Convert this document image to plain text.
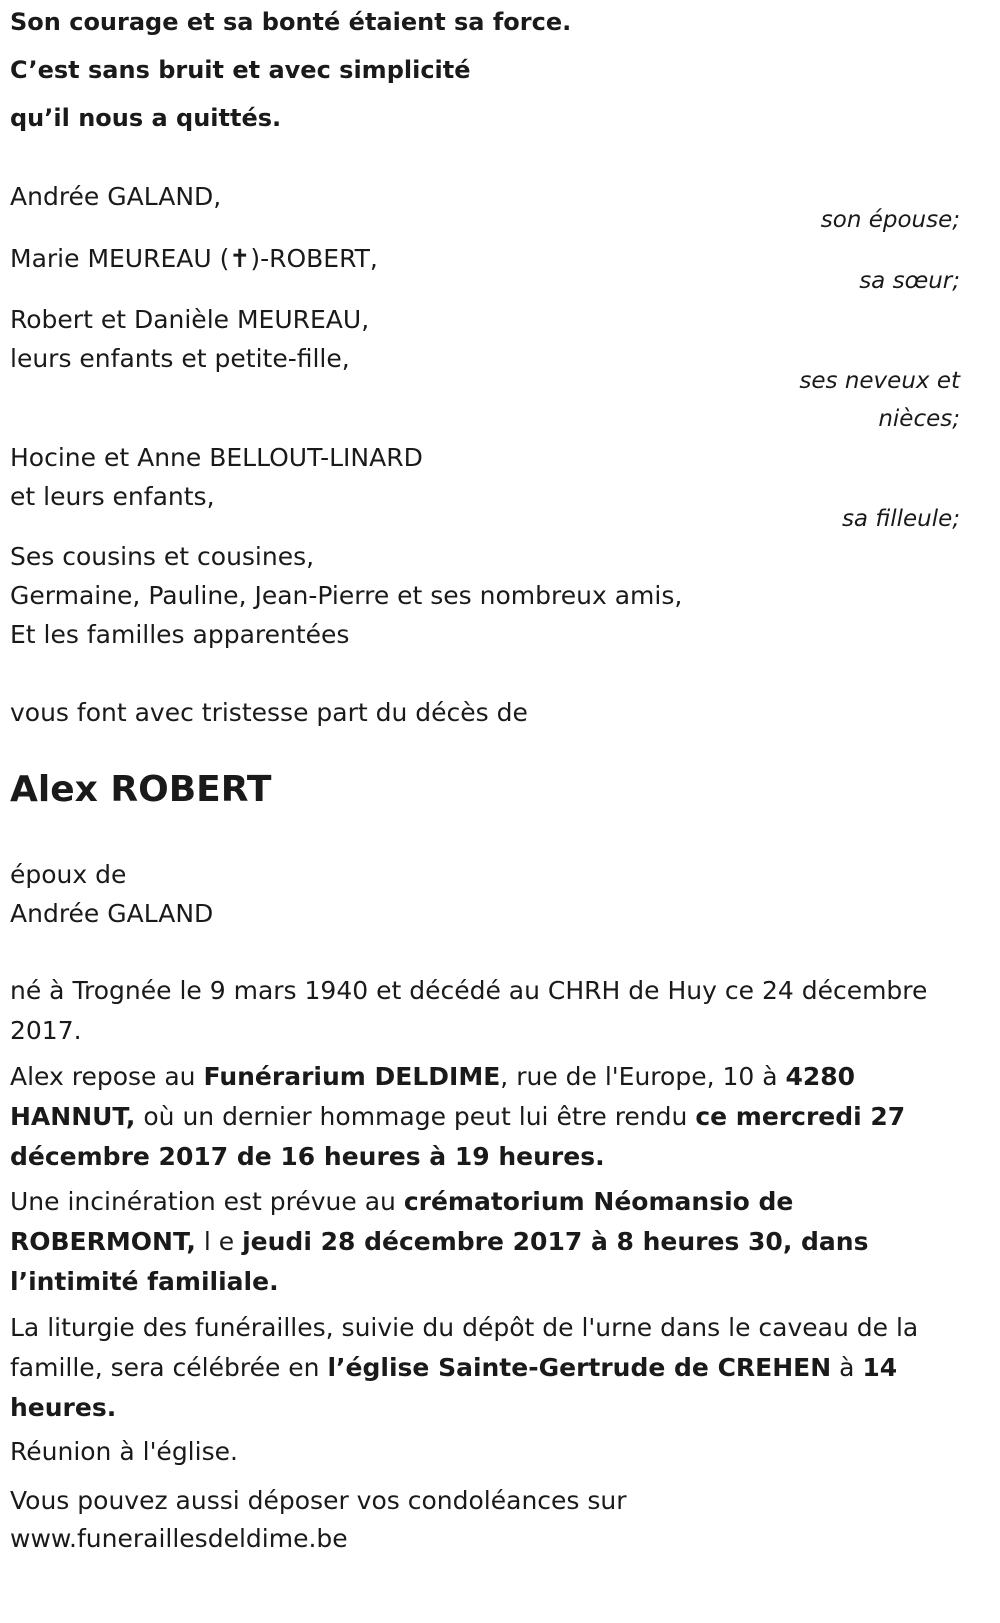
Son courage et sa bonté étaient sa force.
C’est sans bruit et avec simplicité
qu’il nous a quittés.
Andrée GALAND,
Marie MEUREAU (✝)-ROBERT,
Robert et Danièle MEUREAU,
leurs enfants et petite-fille,
Hocine et Anne BELLOUT-LINARD
et leurs enfants,
Ses cousins et cousines,
Germaine, Pauline, Jean-Pierre et ses nombreux amis,
Et les familles apparentées
son épouse;
sa sœur;
ses neveux et
nièces;
sa filleule;
vous font avec tristesse part du décès de
Alex ROBERT
époux de
Andrée GALAND
né à Trognée le 9 mars 1940 et décédé au CHRH de Huy ce 24 décembre 2017.
Alex repose au Funérarium DELDIME, rue de l'Europe, 10 à 4280 HANNUT, où un dernier hommage peut lui être rendu ce mercredi 27 décembre 2017 de 16 heures à 19 heures.
Une incinération est prévue au crématorium Néomansio de ROBERMONT, l e jeudi 28 décembre 2017 à 8 heures 30, dans l’intimité familiale.
La liturgie des funérailles, suivie du dépôt de l'urne dans le caveau de la famille, sera célébrée en l’église Sainte-Gertrude de CREHEN à 14 heures.
Réunion à l'église.
Vous pouvez aussi déposer vos condoléances sur
www.funeraillesdeldime.be
